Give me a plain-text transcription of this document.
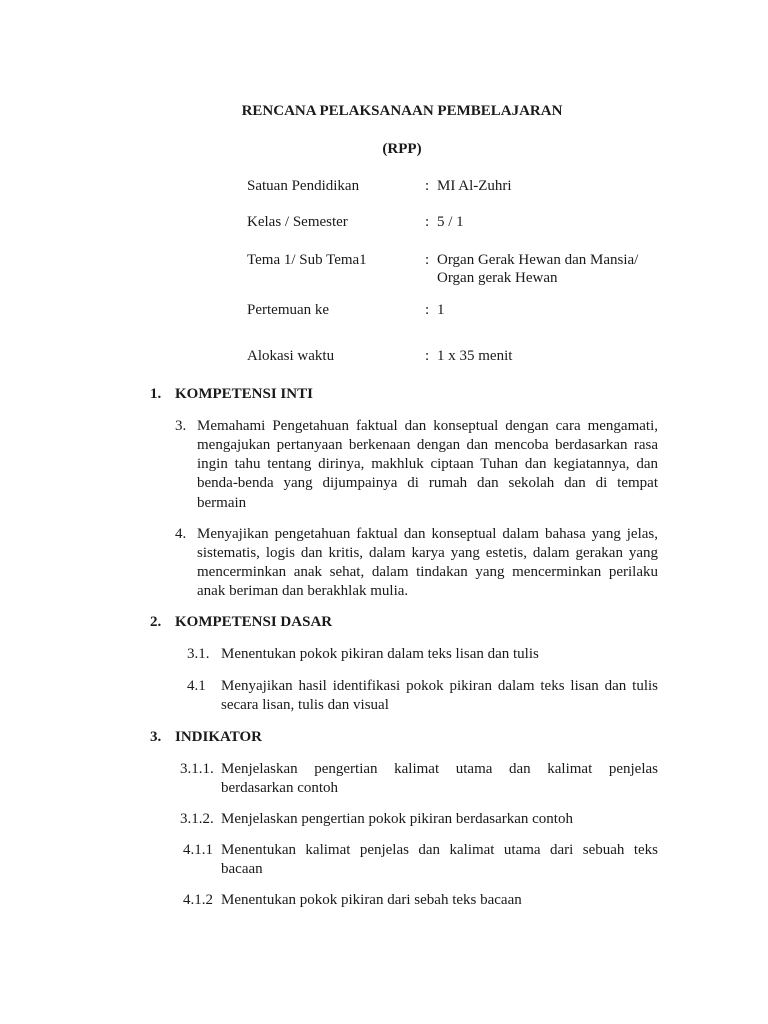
RENCANA PELAKSANAAN PEMBELAJARAN
(RPP)
Satuan Pendidikan	: MI Al-Zuhri
Kelas / Semester	: 5 / 1
Tema 1/ Sub Tema1	: Organ Gerak Hewan dan Mansia/
Organ gerak Hewan
Pertemuan ke	: 1
Alokasi waktu	: 1 x 35 menit
1. KOMPETENSI INTI
3. Memahami Pengetahuan faktual dan konseptual dengan cara mengamati,
mengajukan pertanyaan berkenaan dengan dan mencoba berdasarkan rasa
ingin tahu tentang dirinya, makhluk ciptaan Tuhan dan kegiatannya, dan
benda-benda yang dijumpainya di rumah dan sekolah dan di tempat
bermain
4. Menyajikan pengetahuan faktual dan konseptual dalam bahasa yang jelas,
sistematis, logis dan kritis, dalam karya yang estetis, dalam gerakan yang
mencerminkan anak sehat, dalam tindakan yang mencerminkan perilaku
anak beriman dan berakhlak mulia.
2. KOMPETENSI DASAR
3.1. Menentukan pokok pikiran dalam teks lisan dan tulis
4.1 Menyajikan hasil identifikasi pokok pikiran dalam teks lisan dan tulis
secara lisan, tulis dan visual
3. INDIKATOR
3.1.1. Menjelaskan pengertian kalimat utama dan kalimat penjelas
berdasarkan contoh
3.1.2. Menjelaskan pengertian pokok pikiran berdasarkan contoh
4.1.1 Menentukan kalimat penjelas dan kalimat utama dari sebuah teks
bacaan
4.1.2 Menentukan pokok pikiran dari sebah teks bacaan
